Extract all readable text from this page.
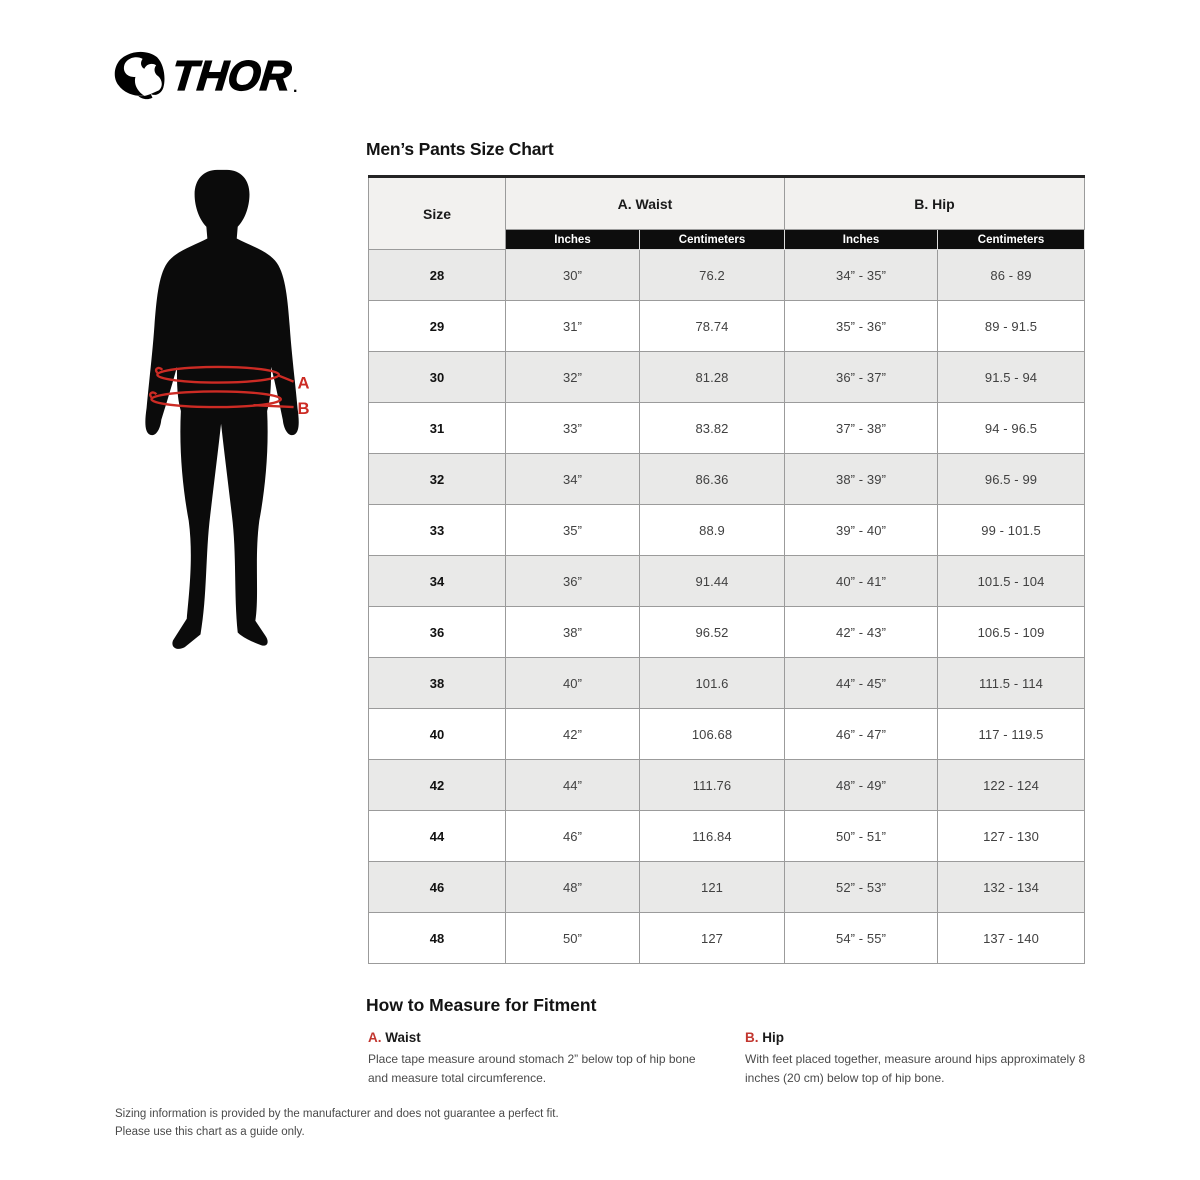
THOR .
A
B
Men’s Pants Size Chart
Size	A. Waist		B. Hip	
	Inches	Centimeters	Inches	Centimeters
28	30”	76.2	34” - 35”	86 - 89
29	31”	78.74	35” - 36”	89 - 91.5
30	32”	81.28	36” - 37”	91.5 - 94
31	33”	83.82	37” - 38”	94 - 96.5
32	34”	86.36	38” - 39”	96.5 - 99
33	35”	88.9	39” - 40”	99 - 101.5
34	36”	91.44	40” - 41”	101.5 - 104
36	38”	96.52	42” - 43”	106.5 - 109
38	40”	101.6	44” - 45”	111.5 - 114
40	42”	106.68	46” - 47”	117 - 119.5
42	44”	111.76	48” - 49”	122 - 124
44	46”	116.84	50” - 51”	127 - 130
46	48”	121	52” - 53”	132 - 134
48	50”	127	54” - 55”	137 - 140
How to Measure for Fitment
A. Waist
Place tape measure around stomach 2” below top of hip bone and measure total circumference.
B. Hip
With feet placed together, measure around hips approximately 8 inches (20 cm) below top of hip bone.
Sizing information is provided by the manufacturer and does not guarantee a perfect fit.
Please use this chart as a guide only.
